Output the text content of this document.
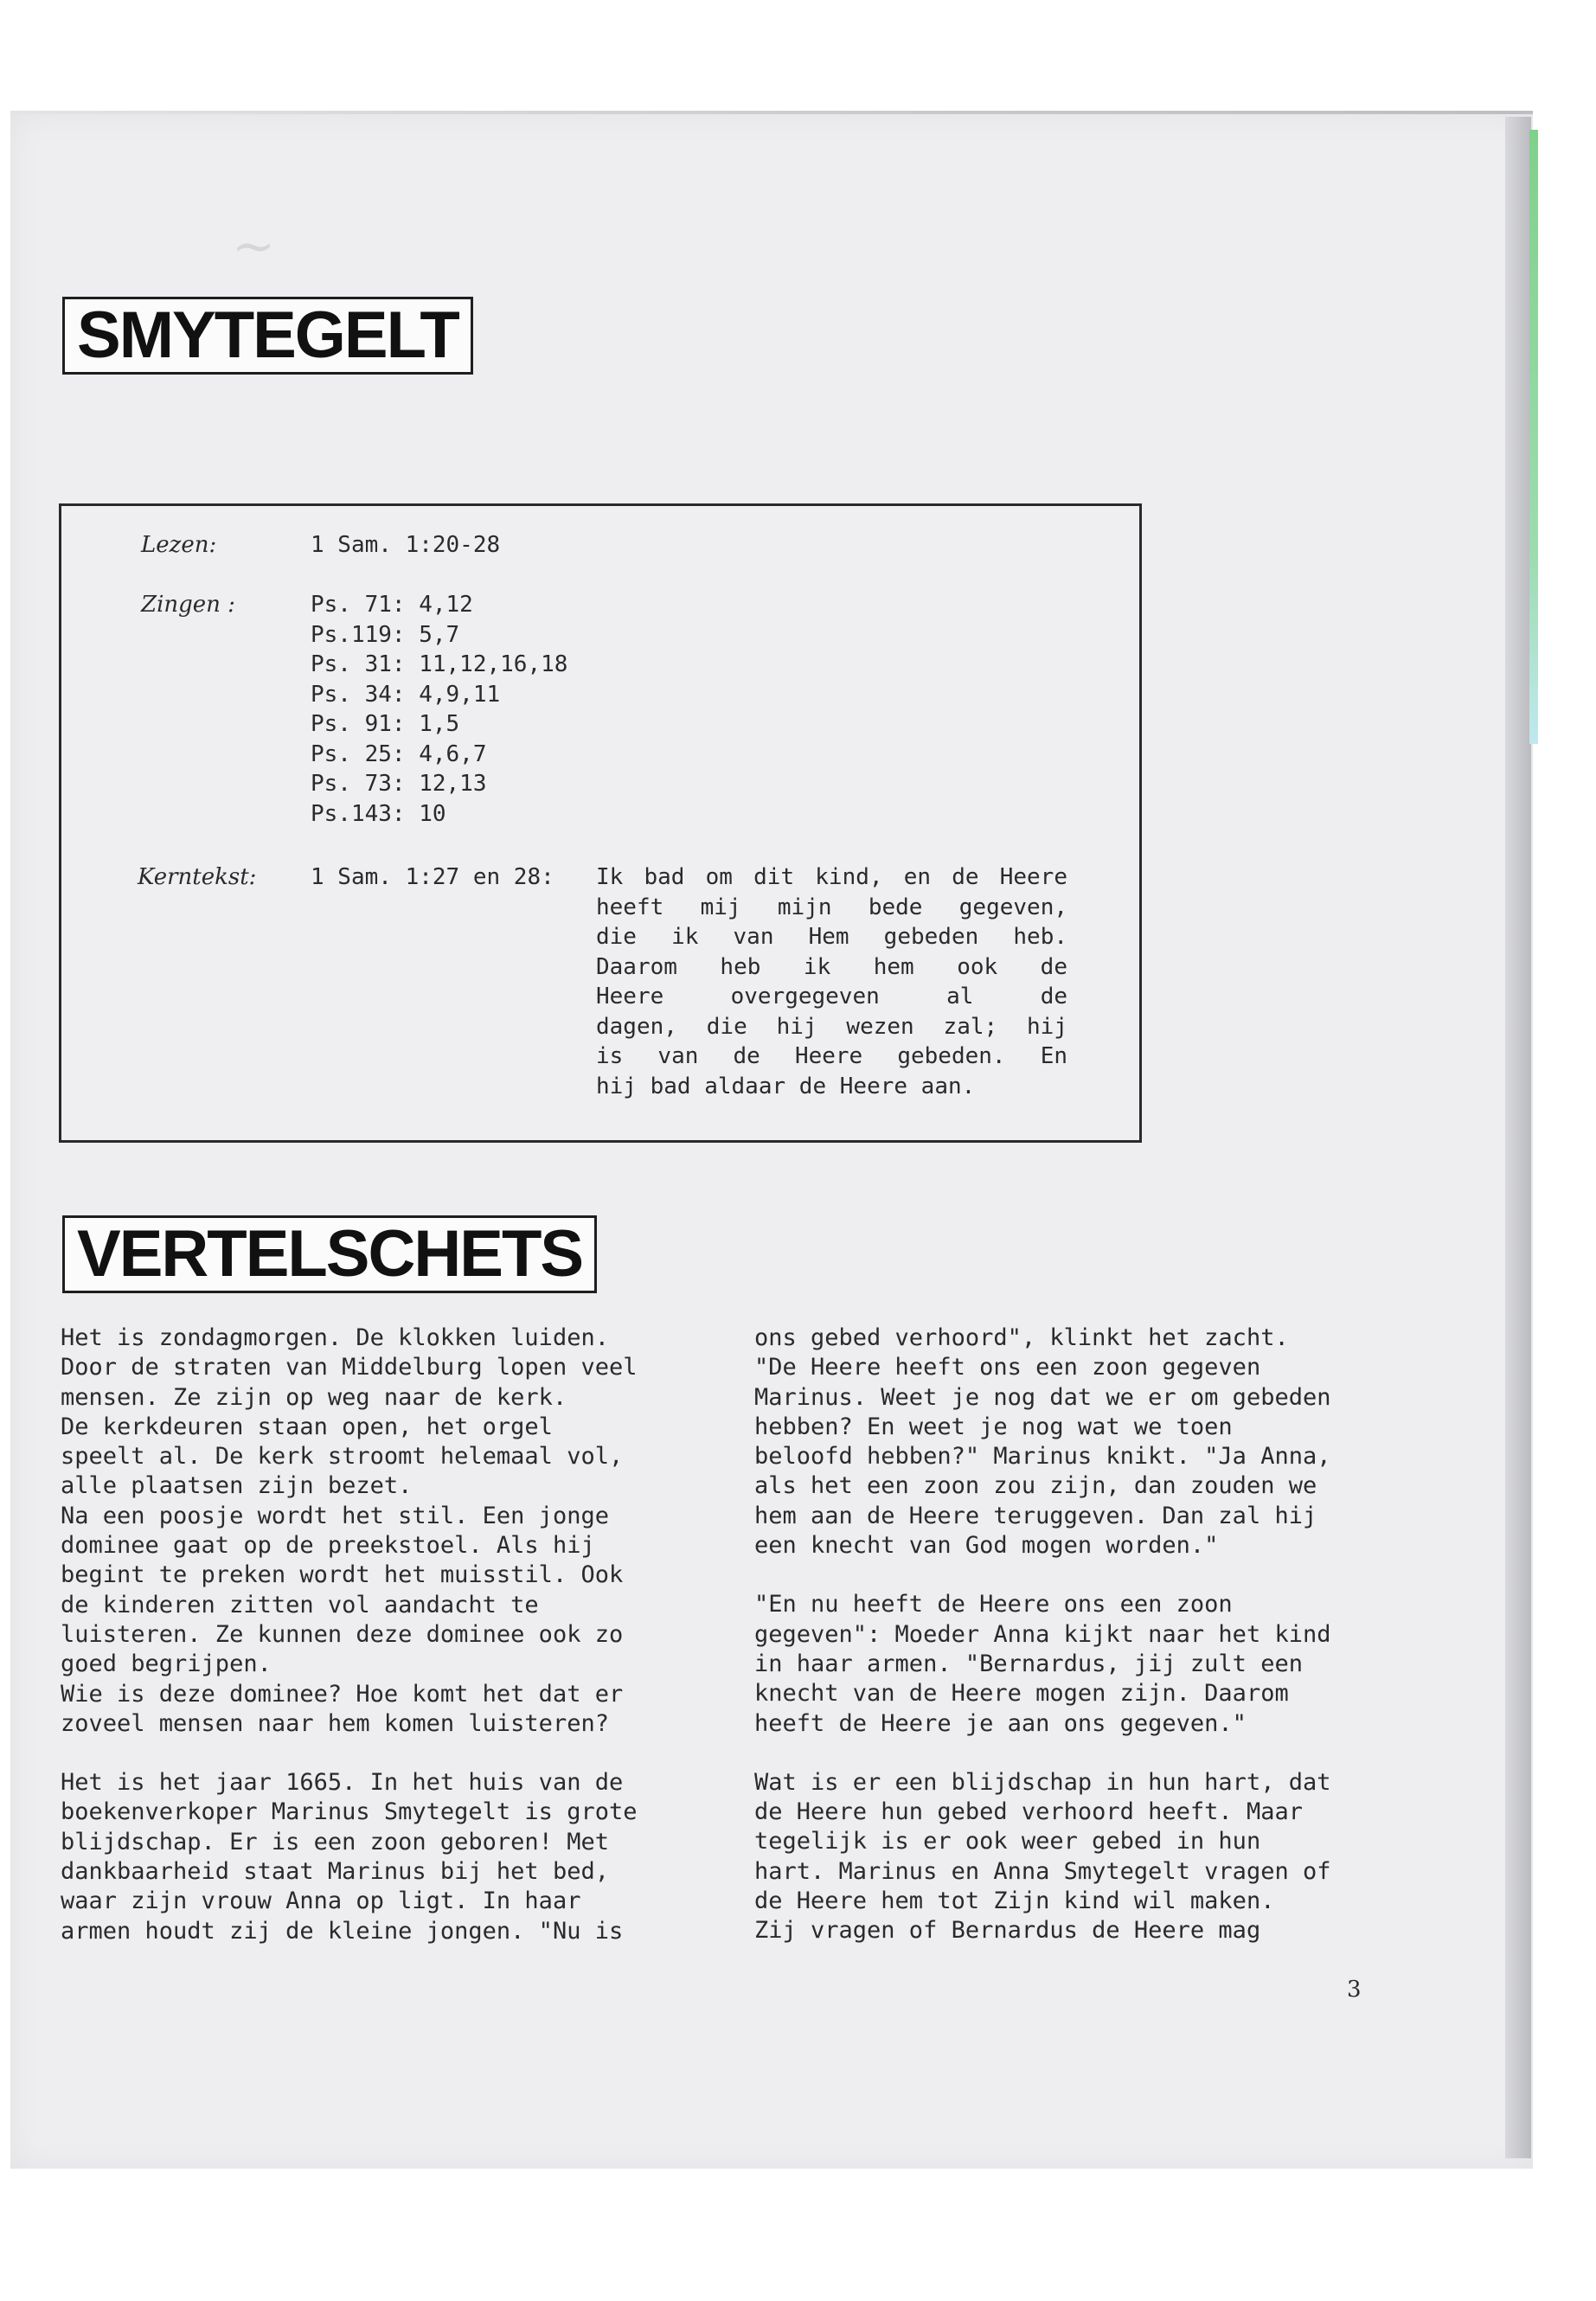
~
SMYTEGELT
Lezen:	1 Sam. 1:20-28
Zingen :	Ps. 71: 4,12
Ps.119: 5,7
Ps. 31: 11,12,16,18
Ps. 34: 4,9,11
Ps. 91: 1,5
Ps. 25: 4,6,7
Ps. 73: 12,13
Ps.143: 10
Kerntekst: 1 Sam. 1:27 en 28: Ik bad om dit kind, en de Heere
heeft mij mijn bede gegeven,
die ik van Hem gebeden heb.
Daarom heb ik hem ook de
Heere overgegeven al de
dagen, die hij wezen zal; hij
is van de Heere gebeden. En
hij bad aldaar de Heere aan.
VERTELSCHETS

Het is zondagmorgen. De klokken luiden.
Door de straten van Middelburg lopen veel
mensen. Ze zijn op weg naar de kerk.
De kerkdeuren staan open, het orgel
speelt al. De kerk stroomt helemaal vol,
alle plaatsen zijn bezet.
Na een poosje wordt het stil. Een jonge
dominee gaat op de preekstoel. Als hij
begint te preken wordt het muisstil. Ook
de kinderen zitten vol aandacht te
luisteren. Ze kunnen deze dominee ook zo
goed begrijpen.
Wie is deze dominee? Hoe komt het dat er
zoveel mensen naar hem komen luisteren?

Het is het jaar 1665. In het huis van de
boekenverkoper Marinus Smytegelt is grote
blijdschap. Er is een zoon geboren! Met
dankbaarheid staat Marinus bij het bed,
waar zijn vrouw Anna op ligt. In haar
armen houdt zij de kleine jongen. "Nu is

ons gebed verhoord", klinkt het zacht.
"De Heere heeft ons een zoon gegeven
Marinus. Weet je nog dat we er om gebeden
hebben? En weet je nog wat we toen
beloofd hebben?" Marinus knikt. "Ja Anna,
als het een zoon zou zijn, dan zouden we
hem aan de Heere teruggeven. Dan zal hij
een knecht van God mogen worden."

"En nu heeft de Heere ons een zoon
gegeven": Moeder Anna kijkt naar het kind
in haar armen. "Bernardus, jij zult een
knecht van de Heere mogen zijn. Daarom
heeft de Heere je aan ons gegeven."

Wat is er een blijdschap in hun hart, dat
de Heere hun gebed verhoord heeft. Maar
tegelijk is er ook weer gebed in hun
hart. Marinus en Anna Smytegelt vragen of
de Heere hem tot Zijn kind wil maken.
Zij vragen of Bernardus de Heere mag

3
